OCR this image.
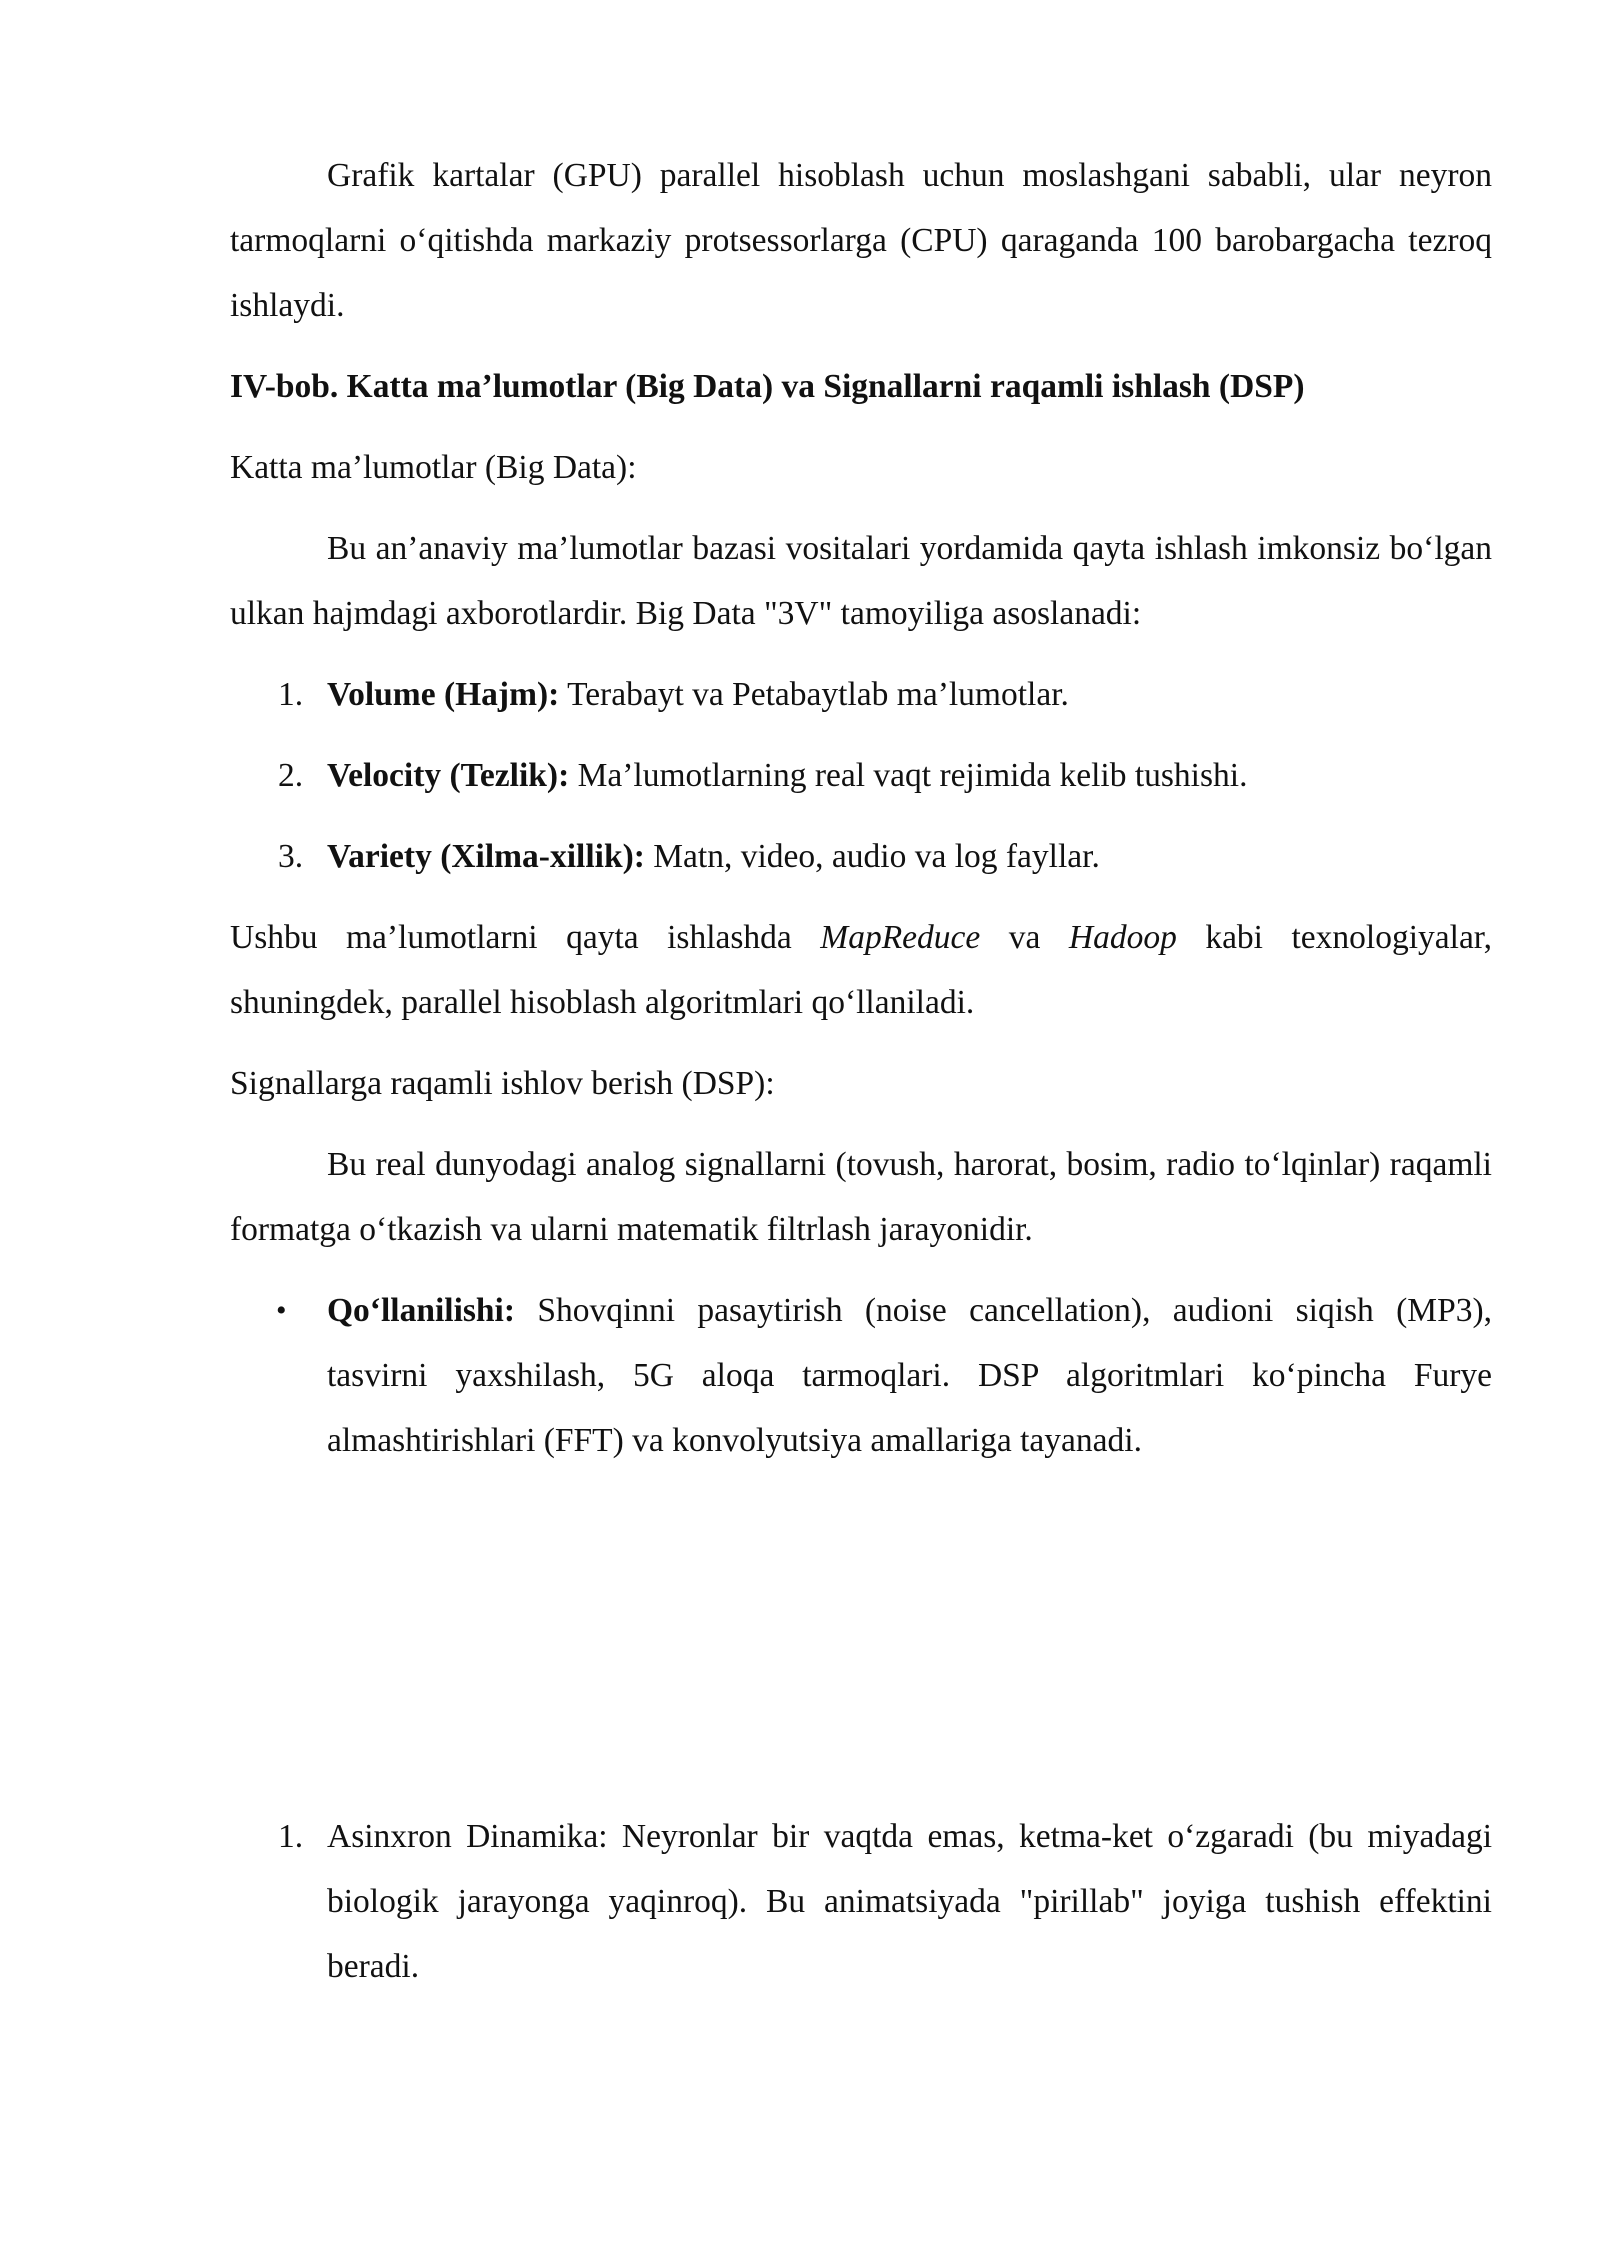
Grafik kartalar (GPU) parallel hisoblash uchun moslashgani sababli, ular neyron tarmoqlarni o‘qitishda markaziy protsessorlarga (CPU) qaraganda 100 barobargacha tezroq ishlaydi.

IV-bob. Katta ma’lumotlar (Big Data) va Signallarni raqamli ishlash (DSP)

Katta ma’lumotlar (Big Data):

Bu an’anaviy ma’lumotlar bazasi vositalari yordamida qayta ishlash imkonsiz bo‘lgan ulkan hajmdagi axborotlardir. Big Data "3V" tamoyiliga asoslanadi:

1. Volume (Hajm): Terabayt va Petabaytlab ma’lumotlar.
2. Velocity (Tezlik): Ma’lumotlarning real vaqt rejimida kelib tushishi.
3. Variety (Xilma-xillik): Matn, video, audio va log fayllar.

Ushbu ma’lumotlarni qayta ishlashda MapReduce va Hadoop kabi texnologiyalar, shuningdek, parallel hisoblash algoritmlari qo‘llaniladi.

Signallarga raqamli ishlov berish (DSP):

Bu real dunyodagi analog signallarni (tovush, harorat, bosim, radio to‘lqinlar) raqamli formatga o‘tkazish va ularni matematik filtrlash jarayonidir.

• Qo‘llanilishi: Shovqinni pasaytirish (noise cancellation), audioni siqish (MP3), tasvirni yaxshilash, 5G aloqa tarmoqlari. DSP algoritmlari ko‘pincha Furye almashtirishlari (FFT) va konvolyutsiya amallariga tayanadi.
1. Asinxron Dinamika: Neyronlar bir vaqtda emas, ketma-ket o‘zgaradi (bu miyadagi biologik jarayonga yaqinroq). Bu animatsiyada "pirillab" joyiga tushish effektini beradi.
